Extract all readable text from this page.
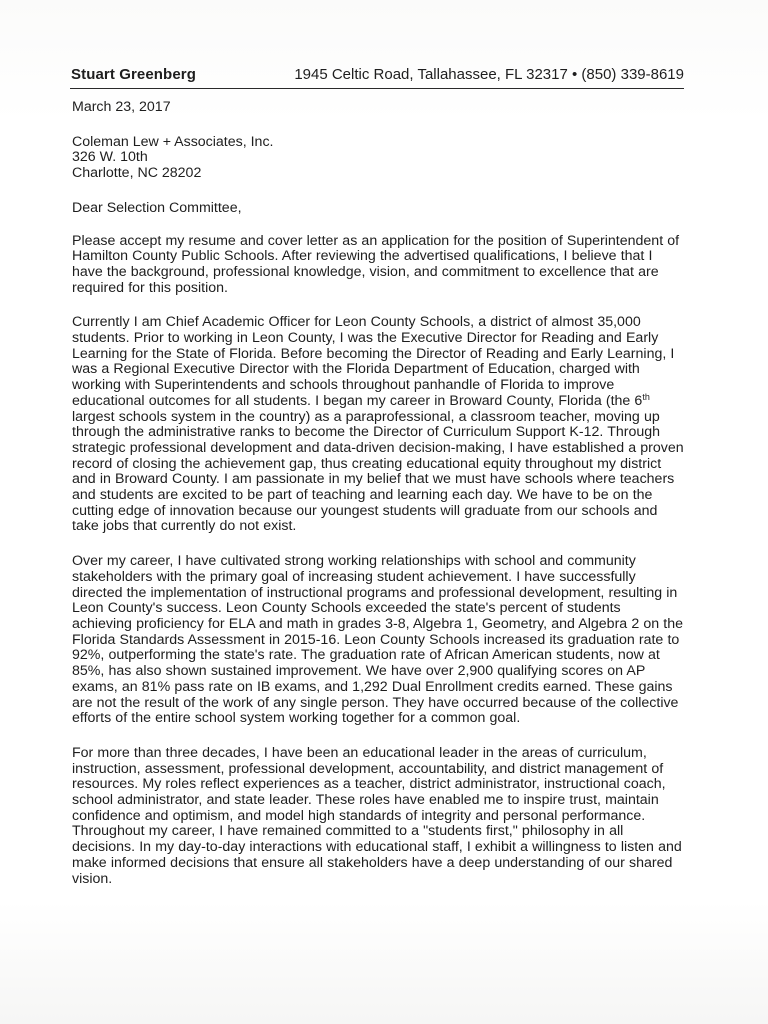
Stuart Greenberg	1945 Celtic Road, Tallahassee, FL 32317 • (850) 339-8619
March 23, 2017
Coleman Lew + Associates, Inc.
326 W. 10th
Charlotte, NC 28202
Dear Selection Committee,

Please accept my resume and cover letter as an application for the position of Superintendent of Hamilton County Public Schools. After reviewing the advertised qualifications, I believe that I have the background, professional knowledge, vision, and commitment to excellence that are required for this position.

Currently I am Chief Academic Officer for Leon County Schools, a district of almost 35,000 students. Prior to working in Leon County, I was the Executive Director for Reading and Early Learning for the State of Florida. Before becoming the Director of Reading and Early Learning, I was a Regional Executive Director with the Florida Department of Education, charged with working with Superintendents and schools throughout panhandle of Florida to improve educational outcomes for all students. I began my career in Broward County, Florida (the 6th largest schools system in the country) as a paraprofessional, a classroom teacher, moving up through the administrative ranks to become the Director of Curriculum Support K-12. Through strategic professional development and data-driven decision-making, I have established a proven record of closing the achievement gap, thus creating educational equity throughout my district and in Broward County. I am passionate in my belief that we must have schools where teachers and students are excited to be part of teaching and learning each day. We have to be on the cutting edge of innovation because our youngest students will graduate from our schools and take jobs that currently do not exist.

Over my career, I have cultivated strong working relationships with school and community stakeholders with the primary goal of increasing student achievement. I have successfully directed the implementation of instructional programs and professional development, resulting in Leon County's success. Leon County Schools exceeded the state's percent of students achieving proficiency for ELA and math in grades 3-8, Algebra 1, Geometry, and Algebra 2 on the Florida Standards Assessment in 2015-16. Leon County Schools increased its graduation rate to 92%, outperforming the state's rate. The graduation rate of African American students, now at 85%, has also shown sustained improvement. We have over 2,900 qualifying scores on AP exams, an 81% pass rate on IB exams, and 1,292 Dual Enrollment credits earned. These gains are not the result of the work of any single person. They have occurred because of the collective efforts of the entire school system working together for a common goal.

For more than three decades, I have been an educational leader in the areas of curriculum, instruction, assessment, professional development, accountability, and district management of resources. My roles reflect experiences as a teacher, district administrator, instructional coach, school administrator, and state leader. These roles have enabled me to inspire trust, maintain confidence and optimism, and model high standards of integrity and personal performance. Throughout my career, I have remained committed to a "students first," philosophy in all decisions. In my day-to-day interactions with educational staff, I exhibit a willingness to listen and make informed decisions that ensure all stakeholders have a deep understanding of our shared vision.
